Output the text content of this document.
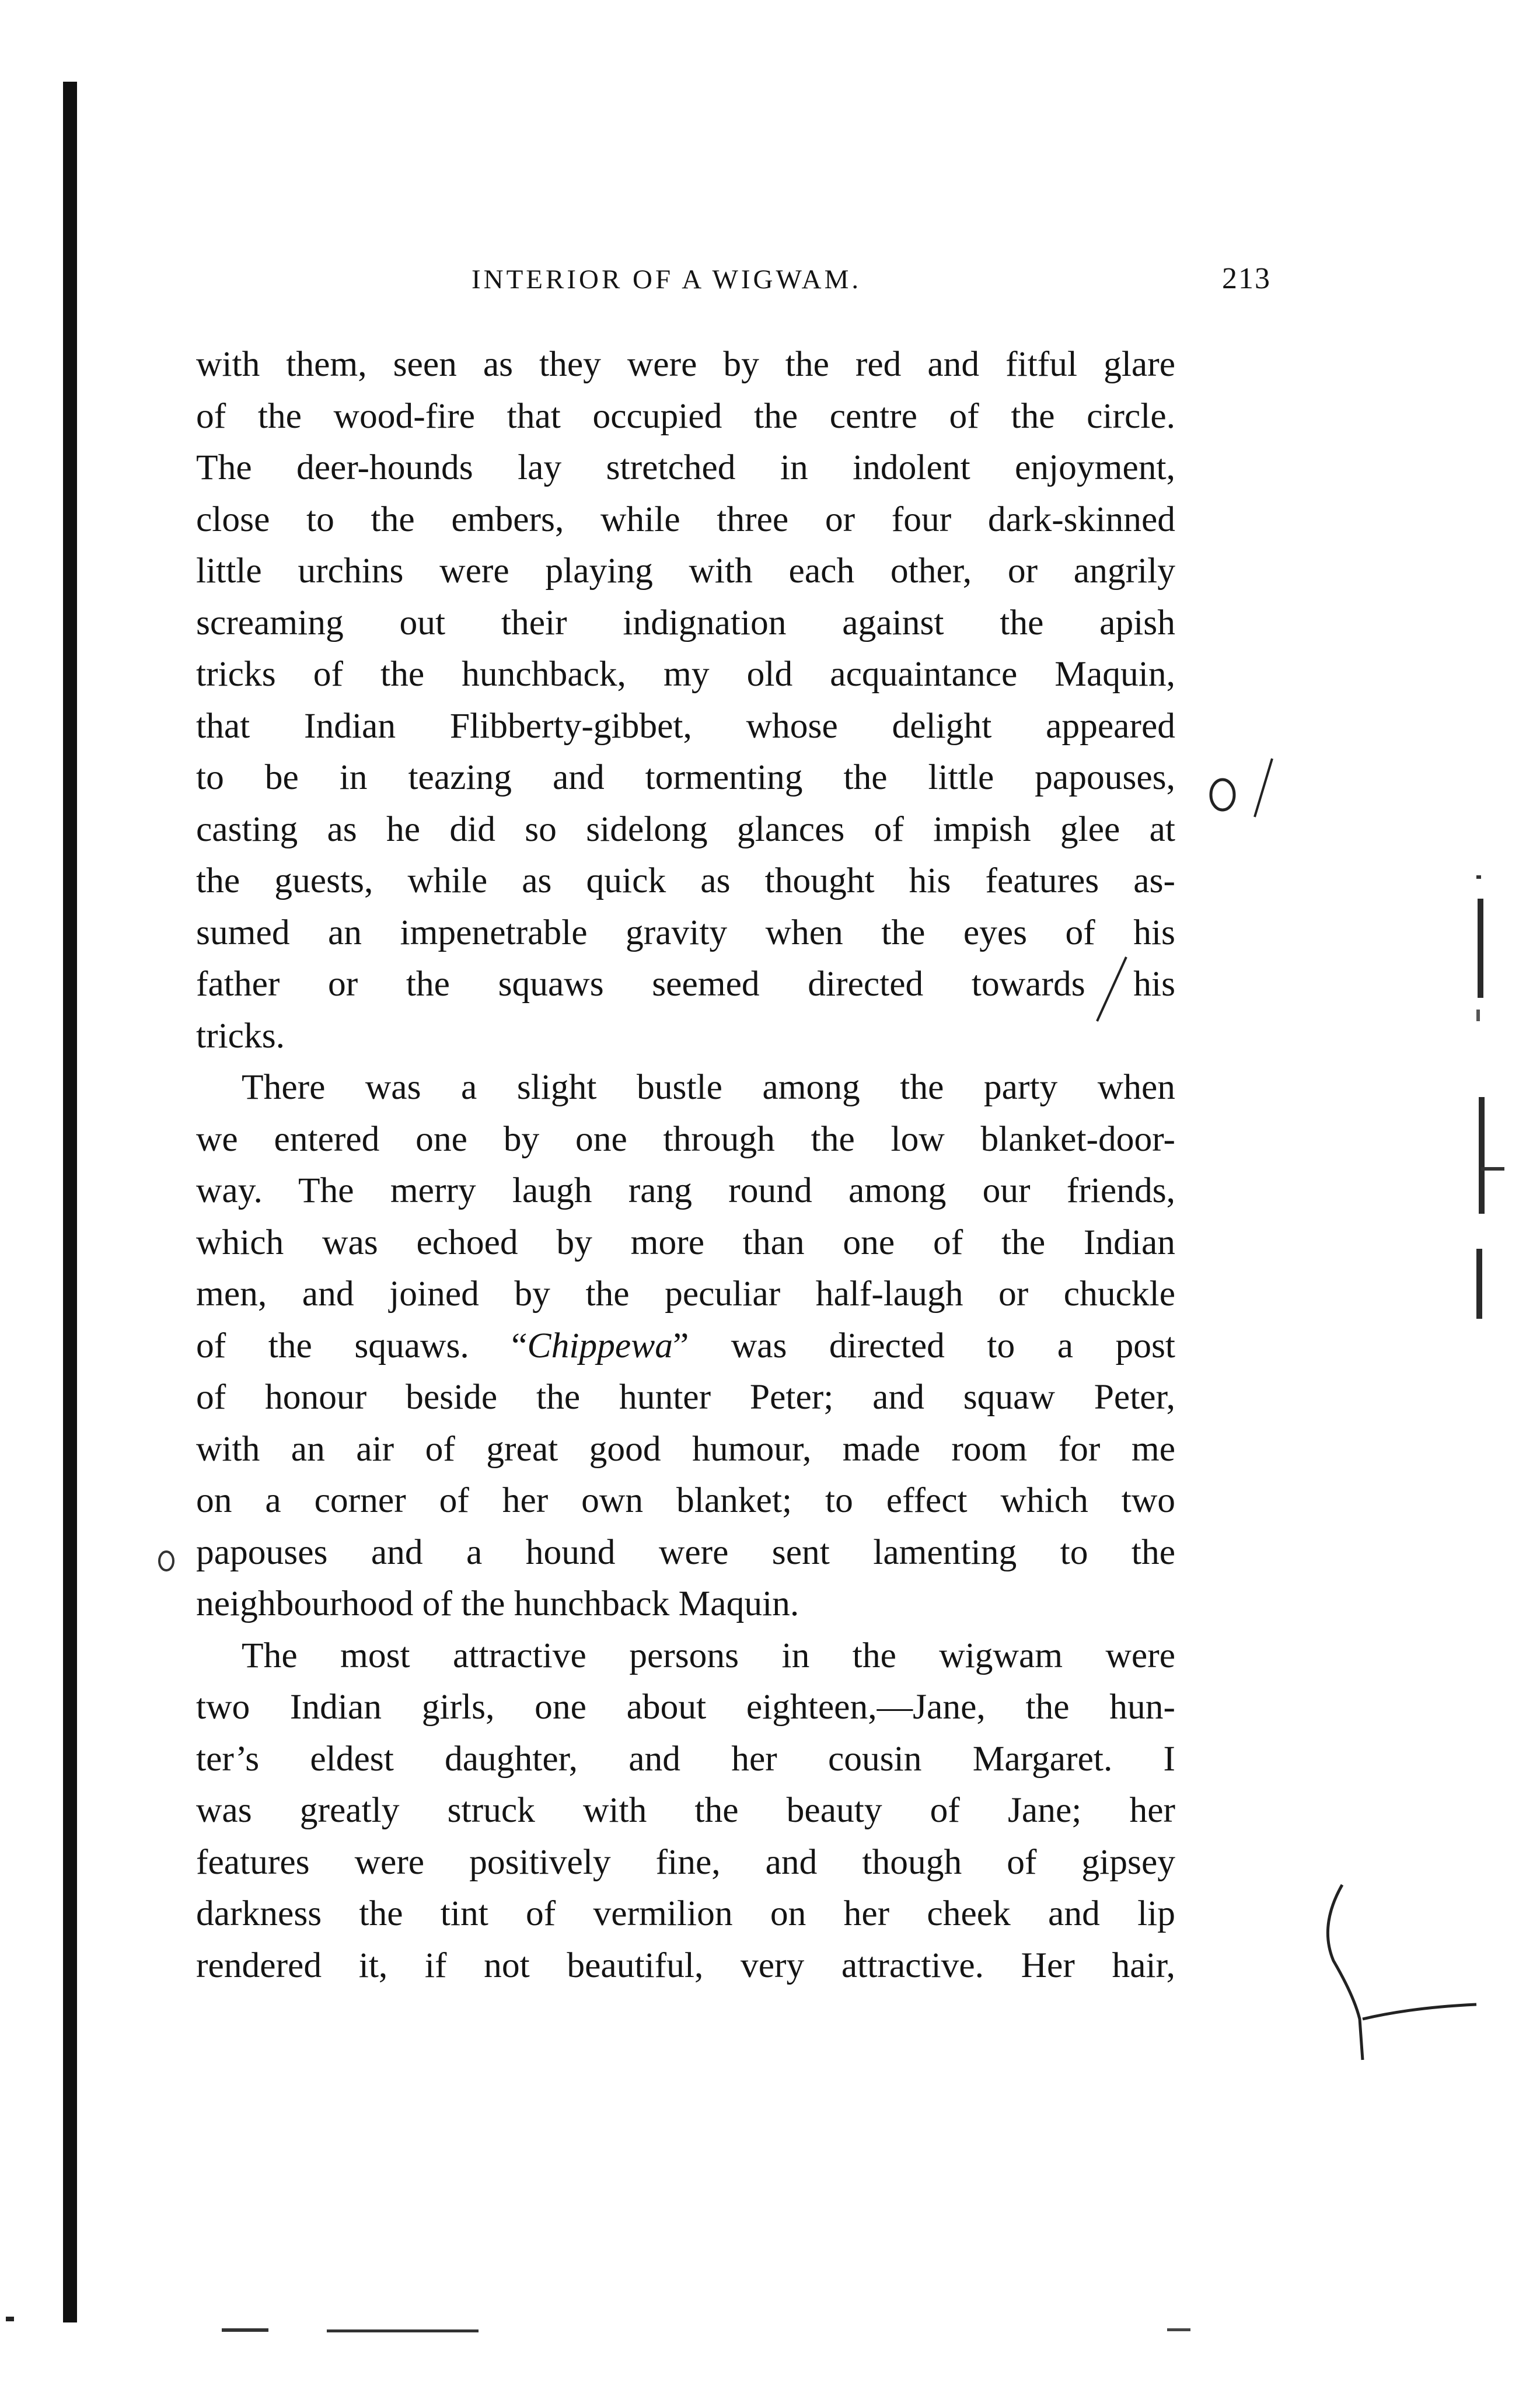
INTERIOR OF A WIGWAM.	213

with them, seen as they were by the red and fitful glare

of the wood-fire that occupied the centre of the circle.

The deer-hounds lay stretched in indolent enjoyment,

close to the embers, while three or four dark-skinned

little urchins were playing with each other, or angrily

screaming out their indignation against the apish

tricks of the hunchback, my old acquaintance Maquin,

that Indian Flibberty-gibbet, whose delight appeared

to be in teazing and tormenting the little papouses,

casting as he did so sidelong glances of impish glee at

the guests, while as quick as thought his features as-

sumed an impenetrable gravity when the eyes of his

father or the squaws seemed directed towards his

tricks.

There was a slight bustle among the party when

we entered one by one through the low blanket-door-

way. The merry laugh rang round among our friends,

which was echoed by more than one of the Indian

men, and joined by the peculiar half-laugh or chuckle

of the squaws. “Chippewa” was directed to a post

of honour beside the hunter Peter; and squaw Peter,

with an air of great good humour, made room for me

on a corner of her own blanket; to effect which two

papouses and a hound were sent lamenting to the

neighbourhood of the hunchback Maquin.

The most attractive persons in the wigwam were

two Indian girls, one about eighteen,—Jane, the hun-

ter’s eldest daughter, and her cousin Margaret. I

was greatly struck with the beauty of Jane; her

features were positively fine, and though of gipsey

darkness the tint of vermilion on her cheek and lip

rendered it, if not beautiful, very attractive. Her hair,
